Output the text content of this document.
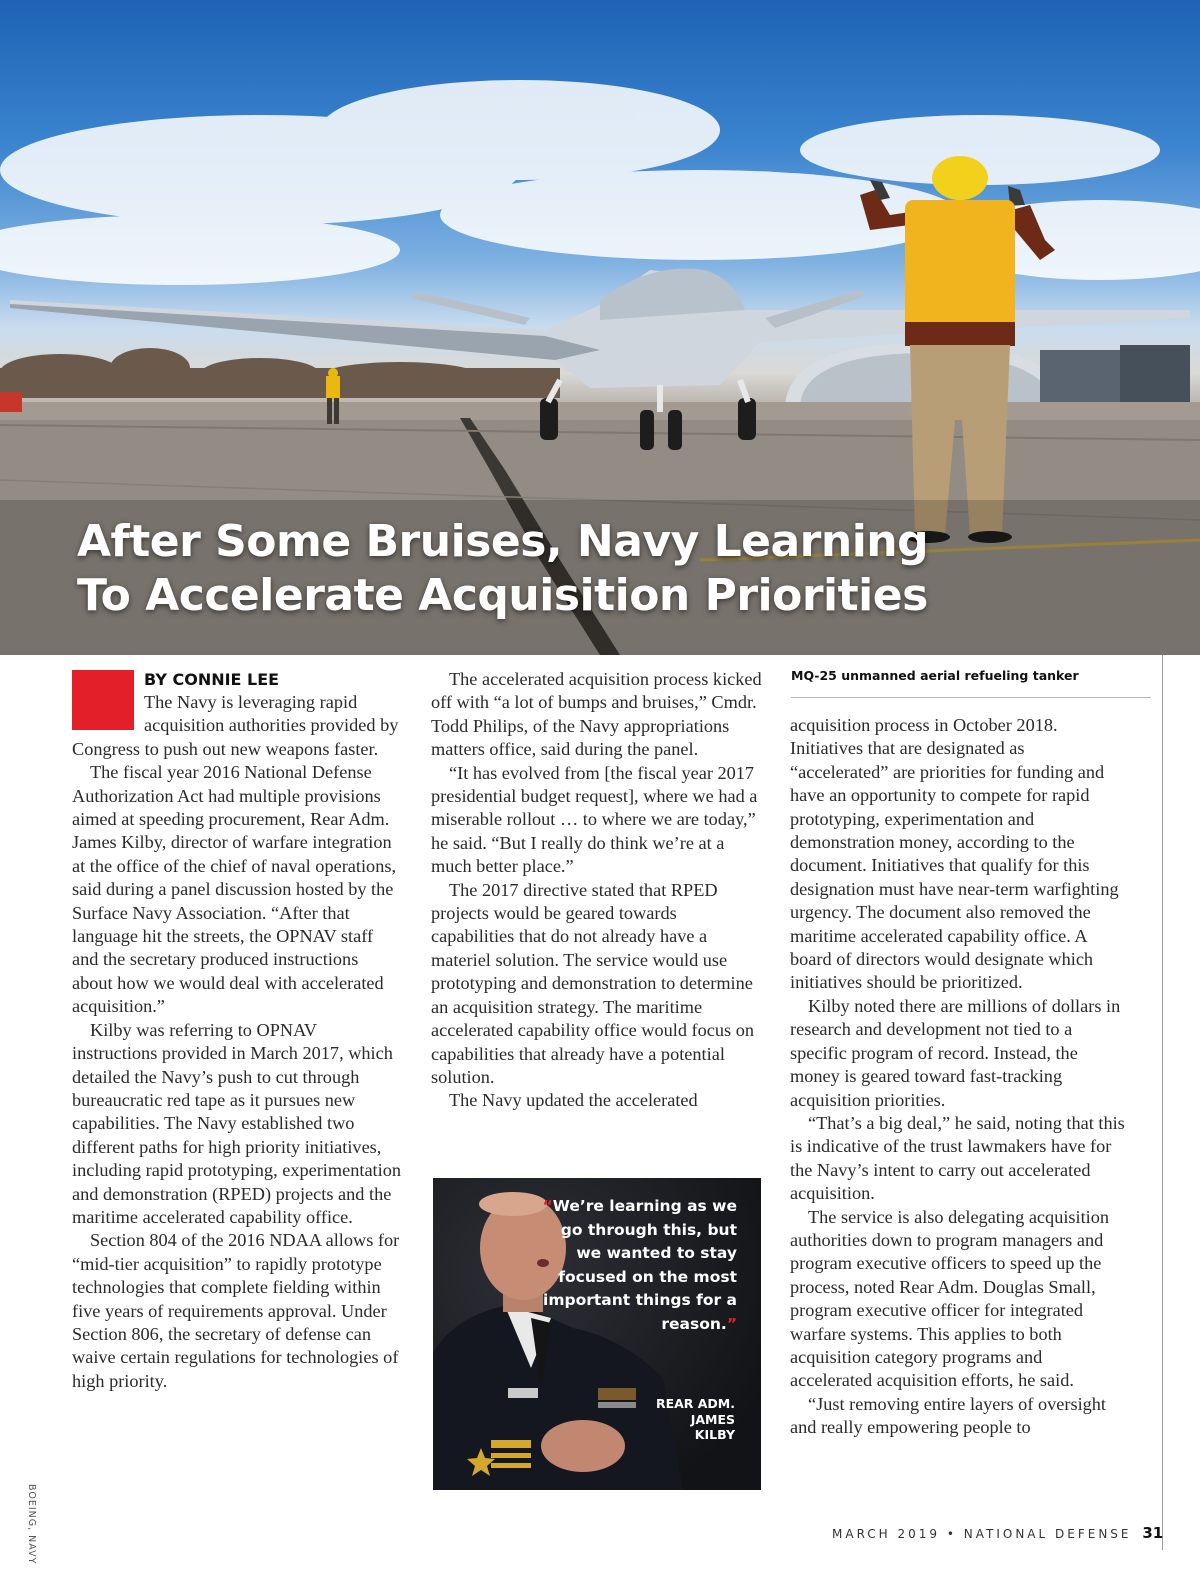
After Some Bruises, Navy Learning
To Accelerate Acquisition Priorities
BOEING, NAVY
BY CONNIE LEE

The Navy is leveraging rapid acquisition authorities provided by Congress to push out new weapons faster.

The fiscal year 2016 National Defense Authorization Act had multiple provisions aimed at speeding procurement, Rear Adm. James Kilby, director of warfare integration at the office of the chief of naval operations, said during a panel discussion hosted by the Surface Navy Association. “After that language hit the streets, the OPNAV staff and the secretary produced instructions about how we would deal with accelerated acquisition.”

Kilby was referring to OPNAV instructions provided in March 2017, which detailed the Navy’s push to cut through bureaucratic red tape as it pursues new capabilities. The Navy established two different paths for high priority initiatives, including rapid prototyping, experimentation and demonstration (RPED) projects and the maritime accelerated capability office.

Section 804 of the 2016 NDAA allows for “mid-tier acquisition” to rapidly prototype technologies that complete fielding within five years of requirements approval. Under Section 806, the secretary of defense can waive certain regulations for technologies of high priority.

The accelerated acquisition process kicked off with “a lot of bumps and bruises,” Cmdr. Todd Philips, of the Navy appropriations matters office, said during the panel.

“It has evolved from [the fiscal year 2017 presidential budget request], where we had a miserable rollout … to where we are today,” he said. “But I really do think we’re at a much better place.”

The 2017 directive stated that RPED projects would be geared towards capabilities that do not already have a materiel solution. The service would use prototyping and demonstration to determine an acquisition strategy. The maritime accelerated capability office would focus on capabilities that already have a potential solution.

The Navy updated the accelerated

“We’re learning as we go through this, but we wanted to stay focused on the most important things for a reason.”
REAR ADM.
JAMES
KILBY
MQ-25 unmanned aerial refueling tanker

acquisition process in October 2018. Initiatives that are designated as “accelerated” are priorities for funding and have an opportunity to compete for rapid prototyping, experimentation and demonstration money, according to the document. Initiatives that qualify for this designation must have near-term warfighting urgency. The document also removed the maritime accelerated capability office. A board of directors would designate which initiatives should be prioritized.

Kilby noted there are millions of dollars in research and development not tied to a specific program of record. Instead, the money is geared toward fast-tracking acquisition priorities.

“That’s a big deal,” he said, noting that this is indicative of the trust lawmakers have for the Navy’s intent to carry out accelerated acquisition.

The service is also delegating acquisition authorities down to program managers and program executive officers to speed up the process, noted Rear Adm. Douglas Small, program executive officer for integrated warfare systems. This applies to both acquisition category programs and accelerated acquisition efforts, he said.

“Just removing entire layers of oversight and really empowering people to

MARCH 2019 • NATIONAL DEFENSE 31
